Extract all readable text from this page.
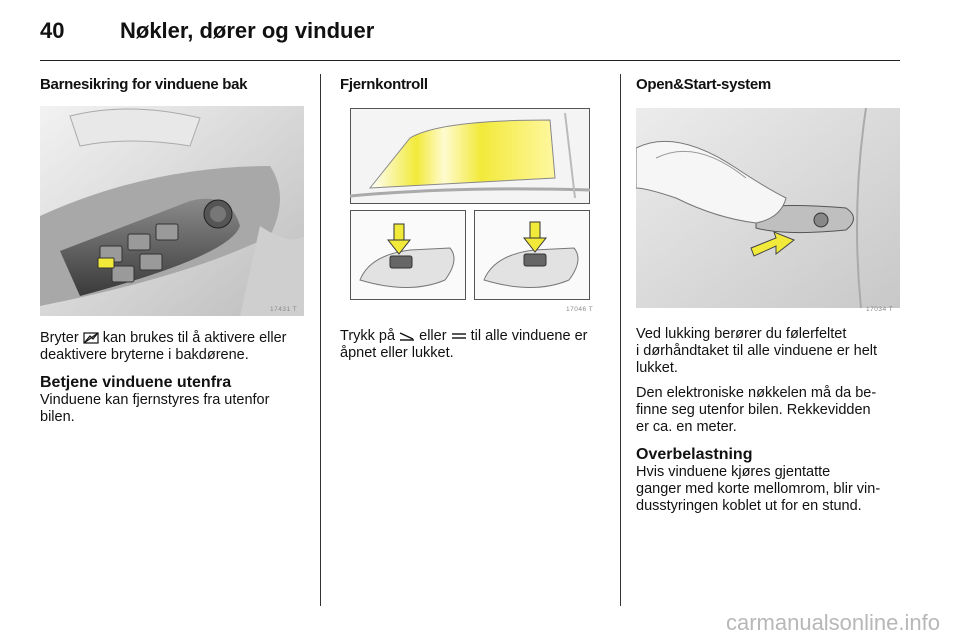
40	Nøkler, dører og vinduer
Barnesikring for vinduene bak
17431 T

Bryter kan brukes til å aktivere eller
deaktivere bryterne i bakdørene.

Betjene vinduene utenfra

Vinduene kan fjernstyres fra utenfor
bilen.

Fjernkontroll
17046 T

Trykk på eller til alle vinduene er
åpnet eller lukket.

Open&Start-system
17034 T

Ved lukking berører du følerfeltet
i dørhåndtaket til alle vinduene er helt
lukket.

Den elektroniske nøkkelen må da be-
finne seg utenfor bilen. Rekkevidden
er ca. en meter.

Overbelastning

Hvis vinduene kjøres gjentatte
ganger med korte mellomrom, blir vin-
dusstyringen koblet ut for en stund.

carmanualsonline.info
